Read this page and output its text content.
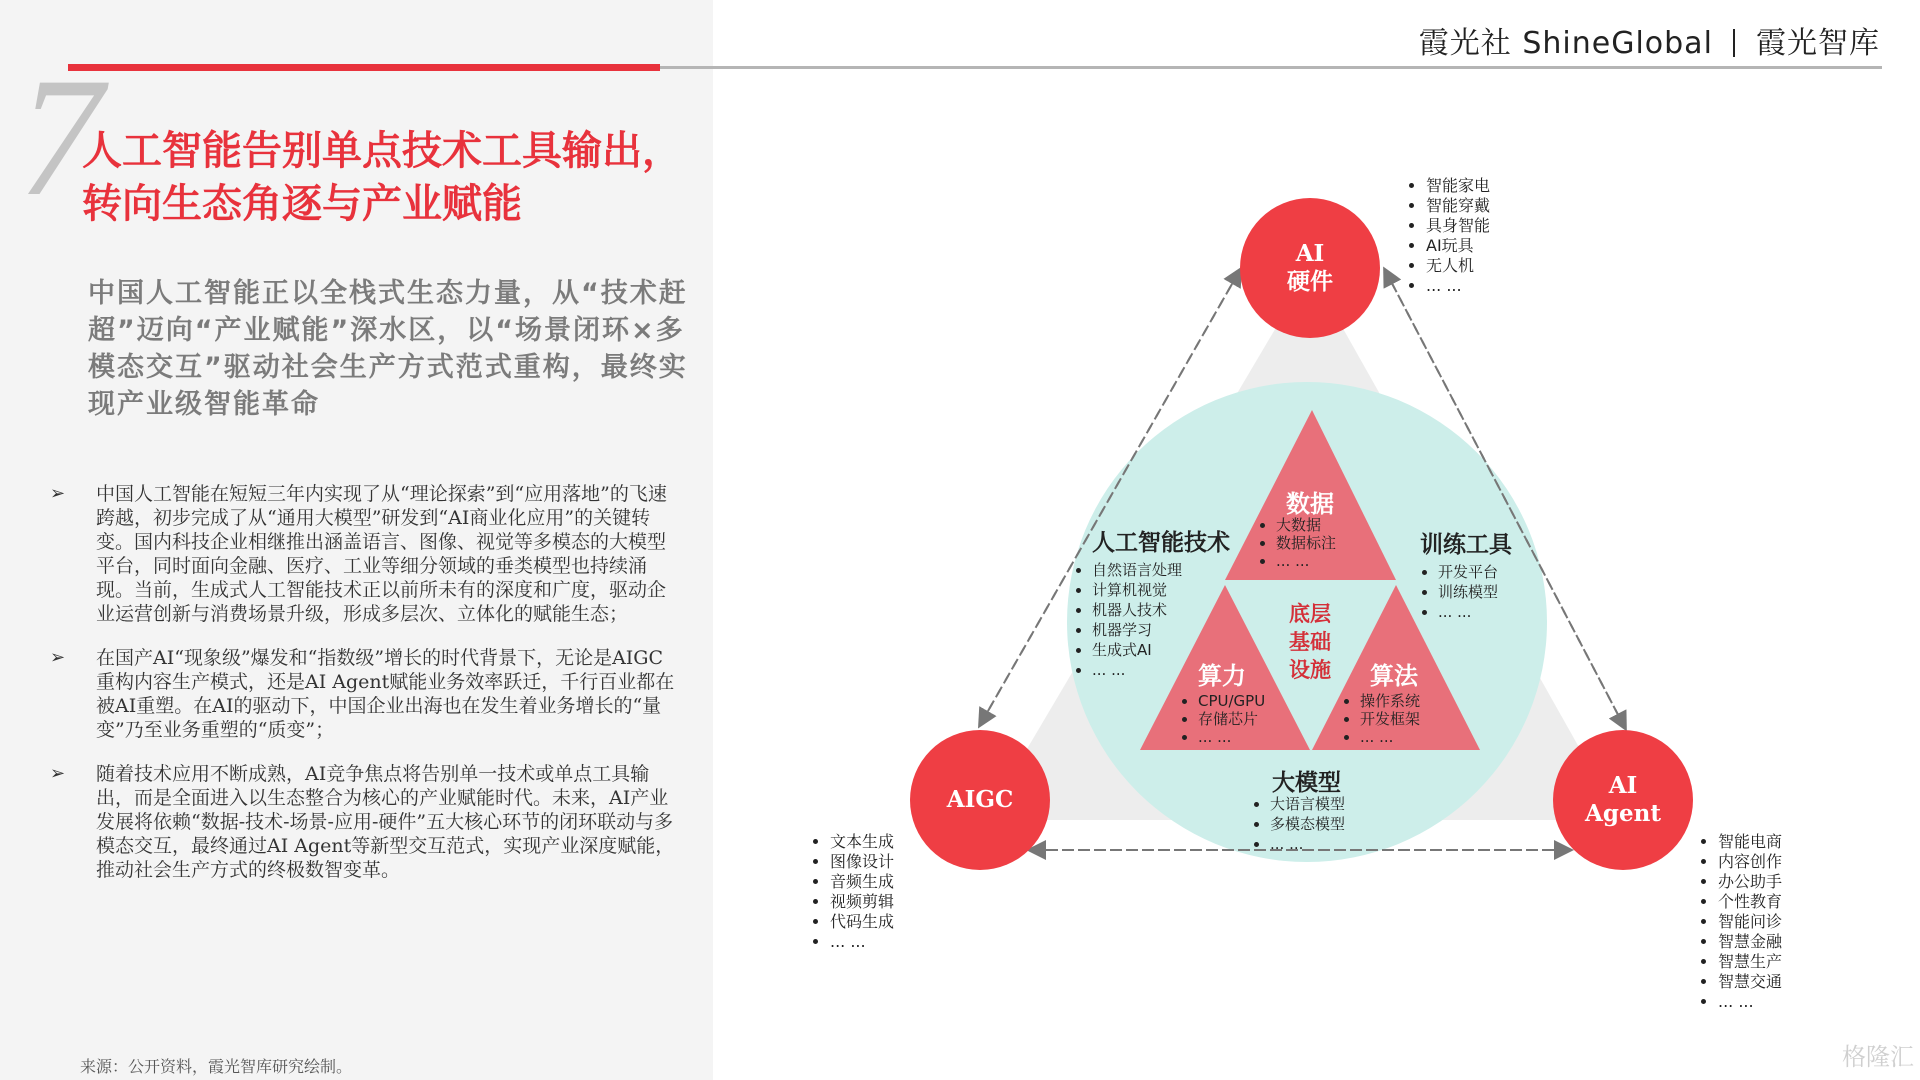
霞光社 ShineGlobal 霞光智库
7
人工智能告别单点技术工具输出，
转向生态角逐与产业赋能
中国人工智能正以全栈式生态力量，从“技术赶超”迈向“产业赋能”深水区，以“场景闭环×多模态交互”驱动社会生产方式范式重构，最终实现产业级智能革命
➢ 中国人工智能在短短三年内实现了从“理论探索”到“应用落地”的飞速跨越，初步完成了从“通用大模型”研发到“AI商业化应用”的关键转变。国内科技企业相继推出涵盖语言、图像、视觉等多模态的大模型平台，同时面向金融、医疗、工业等细分领域的垂类模型也持续涌现。当前，生成式人工智能技术正以前所未有的深度和广度，驱动企业运营创新与消费场景升级，形成多层次、立体化的赋能生态；
➢ 在国产AI“现象级”爆发和“指数级”增长的时代背景下，无论是AIGC重构内容生产模式，还是AI Agent赋能业务效率跃迁，千行百业都在被AI重塑。在AI的驱动下，中国企业出海也在发生着业务增长的“量变”乃至业务重塑的“质变”；
➢ 随着技术应用不断成熟，AI竞争焦点将告别单一技术或单点工具输出，而是全面进入以生态整合为核心的产业赋能时代。未来，AI产业发展将依赖“数据-技术-场景-应用-硬件”五大核心环节的闭环联动与多模态交互，最终通过AI Agent等新型交互范式，实现产业深度赋能，推动社会生产方式的终极数智变革。
来源：公开资料，霞光智库研究绘制。	格隆汇
AI
硬件
AIGC
AI
Agent
• 智能家电
• 智能穿戴
• 具身智能
• AI玩具
• 无人机
• ... ...
• 文本生成
• 图像设计
• 音频生成
• 视频剪辑
• 代码生成
• ... ...
• 智能电商
• 内容创作
• 办公助手
• 个性教育
• 智能问诊
• 智慧金融
• 智慧生产
• 智慧交通
• ... ...
人工智能技术
• 自然语言处理
• 计算机视觉
• 机器人技术
• 机器学习
• 生成式AI
• ... ...
训练工具
• 开发平台
• 训练模型
• ... ...
大模型
• 大语言模型
• 多模态模型
• ... ...
数据
• 大数据
• 数据标注
• ... ...
算力
• CPU/GPU
• 存储芯片
• ... ...
算法
• 操作系统
• 开发框架
• ... ...
底层
基础
设施
